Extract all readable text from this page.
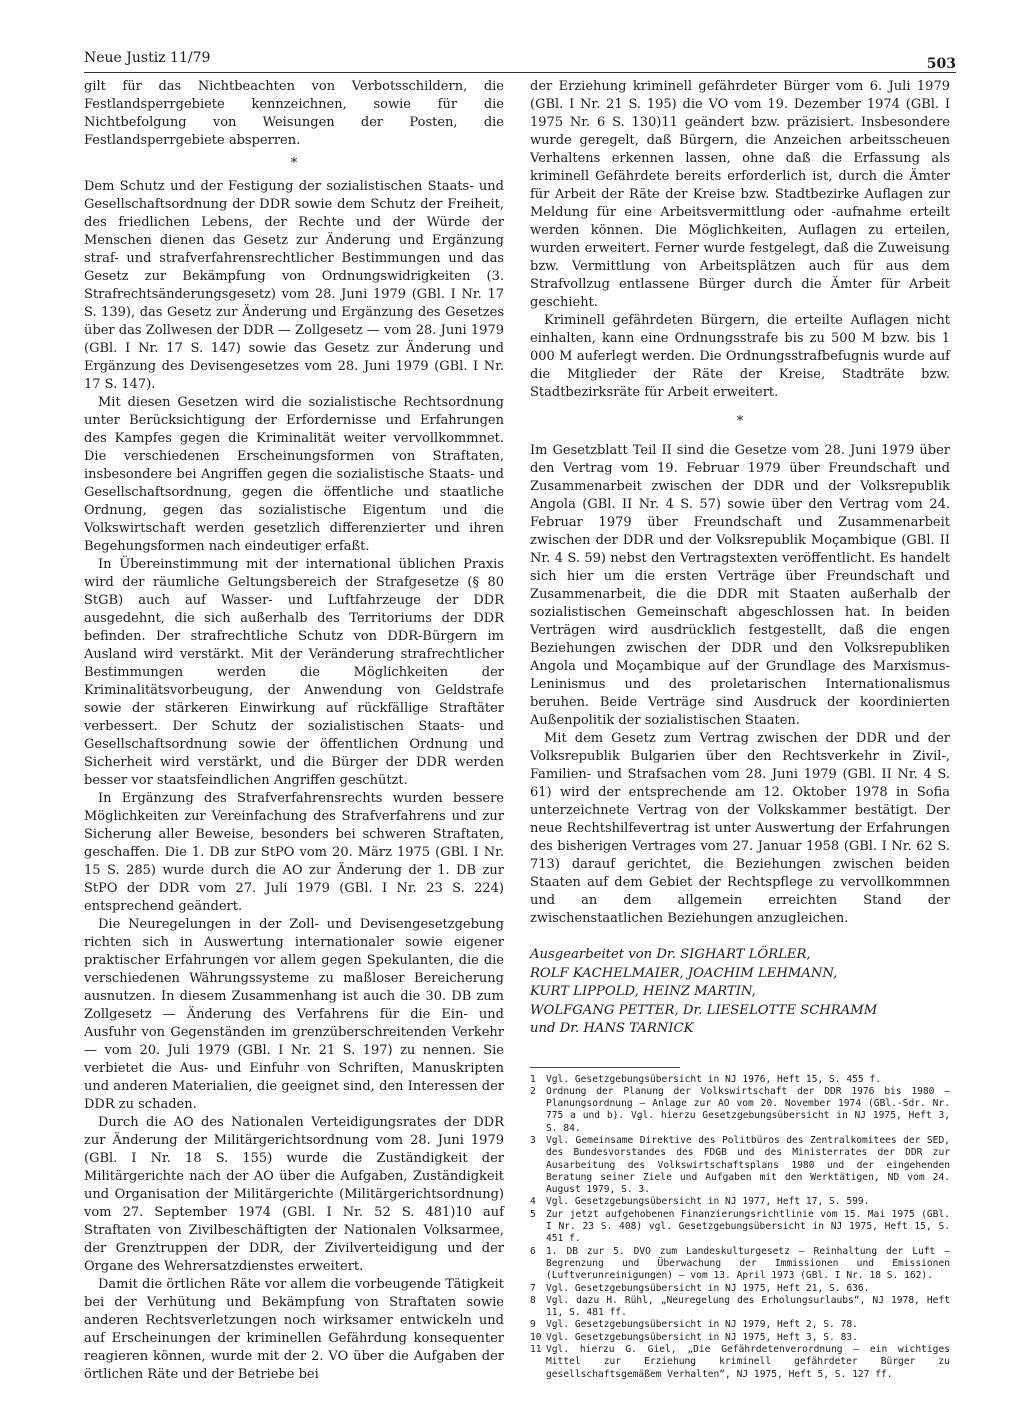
Neue Justiz 11/79	503

gilt für das Nichtbeachten von Verbotsschildern, die Festlandsperrgebiete kennzeichnen, sowie für die Nichtbefolgung von Weisungen der Posten, die Festlandsperrgebiete absperren.

*

Dem Schutz und der Festigung der sozialistischen Staats- und Gesellschaftsordnung der DDR sowie dem Schutz der Freiheit, des friedlichen Lebens, der Rechte und der Würde der Menschen dienen das Gesetz zur Änderung und Ergänzung straf- und strafverfahrensrechtlicher Bestimmungen und das Gesetz zur Bekämpfung von Ordnungswidrigkeiten (3. Strafrechtsänderungsgesetz) vom 28. Juni 1979 (GBl. I Nr. 17 S. 139), das Gesetz zur Änderung und Ergänzung des Gesetzes über das Zollwesen der DDR — Zollgesetz — vom 28. Juni 1979 (GBl. I Nr. 17 S. 147) sowie das Gesetz zur Änderung und Ergänzung des Devisengesetzes vom 28. Juni 1979 (GBl. I Nr. 17 S. 147).

Mit diesen Gesetzen wird die sozialistische Rechtsordnung unter Berücksichtigung der Erfordernisse und Erfahrungen des Kampfes gegen die Kriminalität weiter vervollkommnet. Die verschiedenen Erscheinungsformen von Straftaten, insbesondere bei Angriffen gegen die sozialistische Staats- und Gesellschaftsordnung, gegen die öffentliche und staatliche Ordnung, gegen das sozialistische Eigentum und die Volkswirtschaft werden gesetzlich differenzierter und ihren Begehungsformen nach eindeutiger erfaßt.

In Übereinstimmung mit der international üblichen Praxis wird der räumliche Geltungsbereich der Strafgesetze (§ 80 StGB) auch auf Wasser- und Luftfahrzeuge der DDR ausgedehnt, die sich außerhalb des Territoriums der DDR befinden. Der strafrechtliche Schutz von DDR-Bürgern im Ausland wird verstärkt. Mit der Veränderung strafrechtlicher Bestimmungen werden die Möglichkeiten der Kriminalitätsvorbeugung, der Anwendung von Geldstrafe sowie der stärkeren Einwirkung auf rückfällige Straftäter verbessert. Der Schutz der sozialistischen Staats- und Gesellschaftsordnung sowie der öffentlichen Ordnung und Sicherheit wird verstärkt, und die Bürger der DDR werden besser vor staatsfeindlichen Angriffen geschützt.

In Ergänzung des Strafverfahrensrechts wurden bessere Möglichkeiten zur Vereinfachung des Strafverfahrens und zur Sicherung aller Beweise, besonders bei schweren Straftaten, geschaffen. Die 1. DB zur StPO vom 20. März 1975 (GBl. I Nr. 15 S. 285) wurde durch die AO zur Änderung der 1. DB zur StPO der DDR vom 27. Juli 1979 (GBl. I Nr. 23 S. 224) entsprechend geändert.

Die Neuregelungen in der Zoll- und Devisengesetzgebung richten sich in Auswertung internationaler sowie eigener praktischer Erfahrungen vor allem gegen Spekulanten, die die verschiedenen Währungssysteme zu maßloser Bereicherung ausnutzen. In diesem Zusammenhang ist auch die 30. DB zum Zollgesetz — Änderung des Verfahrens für die Ein- und Ausfuhr von Gegenständen im grenzüberschreitenden Verkehr — vom 20. Juli 1979 (GBl. I Nr. 21 S. 197) zu nennen. Sie verbietet die Aus- und Einfuhr von Schriften, Manuskripten und anderen Materialien, die geeignet sind, den Interessen der DDR zu schaden.

Durch die AO des Nationalen Verteidigungsrates der DDR zur Änderung der Militärgerichtsordnung vom 28. Juni 1979 (GBl. I Nr. 18 S. 155) wurde die Zuständigkeit der Militärgerichte nach der AO über die Aufgaben, Zuständigkeit und Organisation der Militärgerichte (Militärgerichtsordnung) vom 27. September 1974 (GBl. I Nr. 52 S. 481)10 auf Straftaten von Zivilbeschäftigten der Nationalen Volksarmee, der Grenztruppen der DDR, der Zivilverteidigung und der Organe des Wehrersatzdienstes erweitert.

Damit die örtlichen Räte vor allem die vorbeugende Tätigkeit bei der Verhütung und Bekämpfung von Straftaten sowie anderen Rechtsverletzungen noch wirksamer entwickeln und auf Erscheinungen der kriminellen Gefährdung konsequenter reagieren können, wurde mit der 2. VO über die Aufgaben der örtlichen Räte und der Betriebe bei

der Erziehung kriminell gefährdeter Bürger vom 6. Juli 1979 (GBl. I Nr. 21 S. 195) die VO vom 19. Dezember 1974 (GBl. I 1975 Nr. 6 S. 130)11 geändert bzw. präzisiert. Insbesondere wurde geregelt, daß Bürgern, die Anzeichen arbeitsscheuen Verhaltens erkennen lassen, ohne daß die Erfassung als kriminell Gefährdete bereits erforderlich ist, durch die Ämter für Arbeit der Räte der Kreise bzw. Stadtbezirke Auflagen zur Meldung für eine Arbeitsvermittlung oder -aufnahme erteilt werden können. Die Möglichkeiten, Auflagen zu erteilen, wurden erweitert. Ferner wurde festgelegt, daß die Zuweisung bzw. Vermittlung von Arbeitsplätzen auch für aus dem Strafvollzug entlassene Bürger durch die Ämter für Arbeit geschieht.

Kriminell gefährdeten Bürgern, die erteilte Auflagen nicht einhalten, kann eine Ordnungsstrafe bis zu 500 M bzw. bis 1 000 M auferlegt werden. Die Ordnungsstrafbefugnis wurde auf die Mitglieder der Räte der Kreise, Stadträte bzw. Stadtbezirksräte für Arbeit erweitert.

*

Im Gesetzblatt Teil II sind die Gesetze vom 28. Juni 1979 über den Vertrag vom 19. Februar 1979 über Freundschaft und Zusammenarbeit zwischen der DDR und der Volksrepublik Angola (GBl. II Nr. 4 S. 57) sowie über den Vertrag vom 24. Februar 1979 über Freundschaft und Zusammenarbeit zwischen der DDR und der Volksrepublik Moçambique (GBl. II Nr. 4 S. 59) nebst den Vertragstexten veröffentlicht. Es handelt sich hier um die ersten Verträge über Freundschaft und Zusammenarbeit, die die DDR mit Staaten außerhalb der sozialistischen Gemeinschaft abgeschlossen hat. In beiden Verträgen wird ausdrücklich festgestellt, daß die engen Beziehungen zwischen der DDR und den Volksrepubliken Angola und Moçambique auf der Grundlage des Marxismus-Leninismus und des proletarischen Internationalismus beruhen. Beide Verträge sind Ausdruck der koordinierten Außenpolitik der sozialistischen Staaten.

Mit dem Gesetz zum Vertrag zwischen der DDR und der Volksrepublik Bulgarien über den Rechtsverkehr in Zivil-, Familien- und Strafsachen vom 28. Juni 1979 (GBl. II Nr. 4 S. 61) wird der entsprechende am 12. Oktober 1978 in Sofia unterzeichnete Vertrag von der Volkskammer bestätigt. Der neue Rechtshilfevertrag ist unter Auswertung der Erfahrungen des bisherigen Vertrages vom 27. Januar 1958 (GBl. I Nr. 62 S. 713) darauf gerichtet, die Beziehungen zwischen beiden Staaten auf dem Gebiet der Rechtspflege zu vervollkommnen und an dem allgemein erreichten Stand der zwischenstaatlichen Beziehungen anzugleichen.

Ausgearbeitet von Dr. SIGHART LÖRLER,
ROLF KACHELMAIER, JOACHIM LEHMANN,
KURT LIPPOLD, HEINZ MARTIN,
WOLFGANG PETTER, Dr. LIESELOTTE SCHRAMM
und Dr. HANS TARNICK

1	Vgl. Gesetzgebungsübersicht in NJ 1976, Heft 15, S. 455 f.
2	Ordnung der Planung der Volkswirtschaft der DDR 1976 bis 1980 — Planungsordnung — Anlage zur AO vom 20. November 1974 (GBl.-Sdr. Nr. 775 a und b). Vgl. hierzu Gesetzgebungsübersicht in NJ 1975, Heft 3, S. 84.
3	Vgl. Gemeinsame Direktive des Politbüros des Zentralkomitees der SED, des Bundesvorstandes des FDGB und des Ministerrates der DDR zur Ausarbeitung des Volkswirtschaftsplans 1980 und der eingehenden Beratung seiner Ziele und Aufgaben mit den Werktätigen, ND vom 24. August 1979, S. 3.
4	Vgl. Gesetzgebungsübersicht in NJ 1977, Heft 17, S. 599.
5	Zur jetzt aufgehobenen Finanzierungsrichtlinie vom 15. Mai 1975 (GBl. I Nr. 23 S. 408) vgl. Gesetzgebungsübersicht in NJ 1975, Heft 15, S. 451 f.
6	1. DB zur 5. DVO zum Landeskulturgesetz — Reinhaltung der Luft — Begrenzung und Überwachung der Immissionen und Emissionen (Luftverunreinigungen) — vom 13. April 1973 (GBl. I Nr. 18 S. 162).
7	Vgl. Gesetzgebungsübersicht in NJ 1975, Heft 21, S. 636.
8	Vgl. dazu H. Rühl, „Neuregelung des Erholungsurlaubs“, NJ 1978, Heft 11, S. 481 ff.
9	Vgl. Gesetzgebungsübersicht in NJ 1979, Heft 2, S. 78.
10 Vgl. Gesetzgebungsübersicht in NJ 1975, Heft 3, S. 83.
11 Vgl. hierzu G. Giel, „Die Gefährdetenverordnung — ein wichtiges Mittel zur Erziehung kriminell gefährdeter Bürger zu gesellschaftsgemäßem Verhalten“, NJ 1975, Heft 5, S. 127 ff.
